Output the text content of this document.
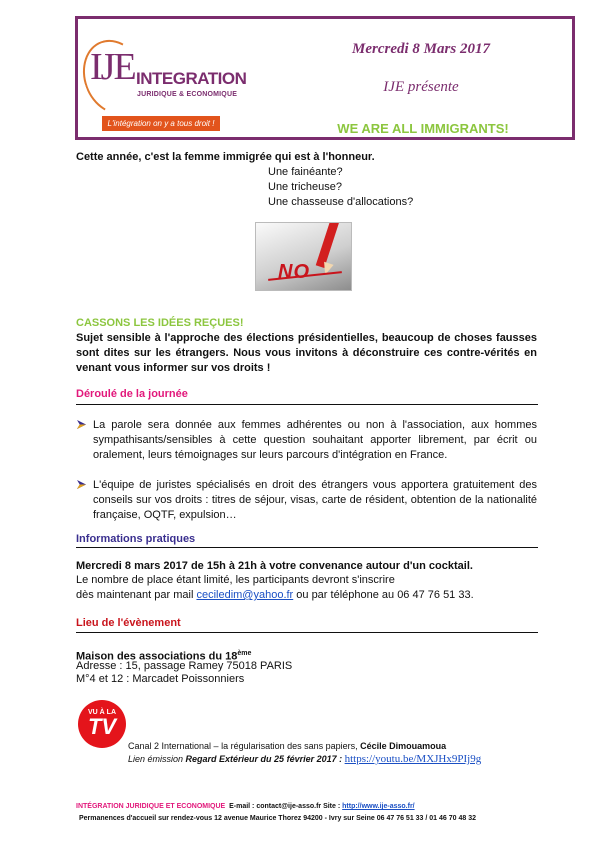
IJE INTEGRATION
JURIDIQUE & ECONOMIQUE
L'intégration on y a tous droit !
Mercredi 8 Mars 2017
IJE présente
WE ARE ALL IMMIGRANTS!
Cette année, c'est la femme immigrée qui est à l'honneur.
Une fainéante?
Une tricheuse?
Une chasseuse d'allocations?
NO
CASSONS LES IDÉES REÇUES!
Sujet sensible à l'approche des élections présidentielles, beaucoup de choses fausses sont dites sur les étrangers. Nous vous invitons à déconstruire ces contre-vérités en venant vous informer sur vos droits !
Déroulé de la journée
La parole sera donnée aux femmes adhérentes ou non à l'association, aux hommes sympathisants/sensibles à cette question souhaitant apporter librement, par écrit ou oralement, leurs témoignages sur leurs parcours d'intégration en France.
L'équipe de juristes spécialisés en droit des étrangers vous apportera gratuitement des conseils sur vos droits : titres de séjour, visas, carte de résident, obtention de la nationalité française, OQTF, expulsion…
Informations pratiques
Mercredi 8 mars 2017 de 15h à 21h à votre convenance autour d'un cocktail.
Le nombre de place étant limité, les participants devront s'inscrire
dès maintenant par mail ceciledim@yahoo.fr ou par téléphone au 06 47 76 51 33.
Lieu de l'évènement
Maison des associations du 18ème
Adresse : 15, passage Ramey 75018 PARIS
M°4 et 12 : Marcadet Poissonniers
VU À LA
TV
Canal 2 International – la régularisation des sans papiers, Cécile Dimouamoua
Lien émission Regard Extérieur du 25 février 2017 : https://youtu.be/MXJHx9PIj9g
INTÉGRATION JURIDIQUE ET ECONOMIQUE E-mail : contact@ije-asso.fr Site : http://www.ije-asso.fr/
Permanences d'accueil sur rendez-vous 12 avenue Maurice Thorez 94200 - Ivry sur Seine 06 47 76 51 33 / 01 46 70 48 32
